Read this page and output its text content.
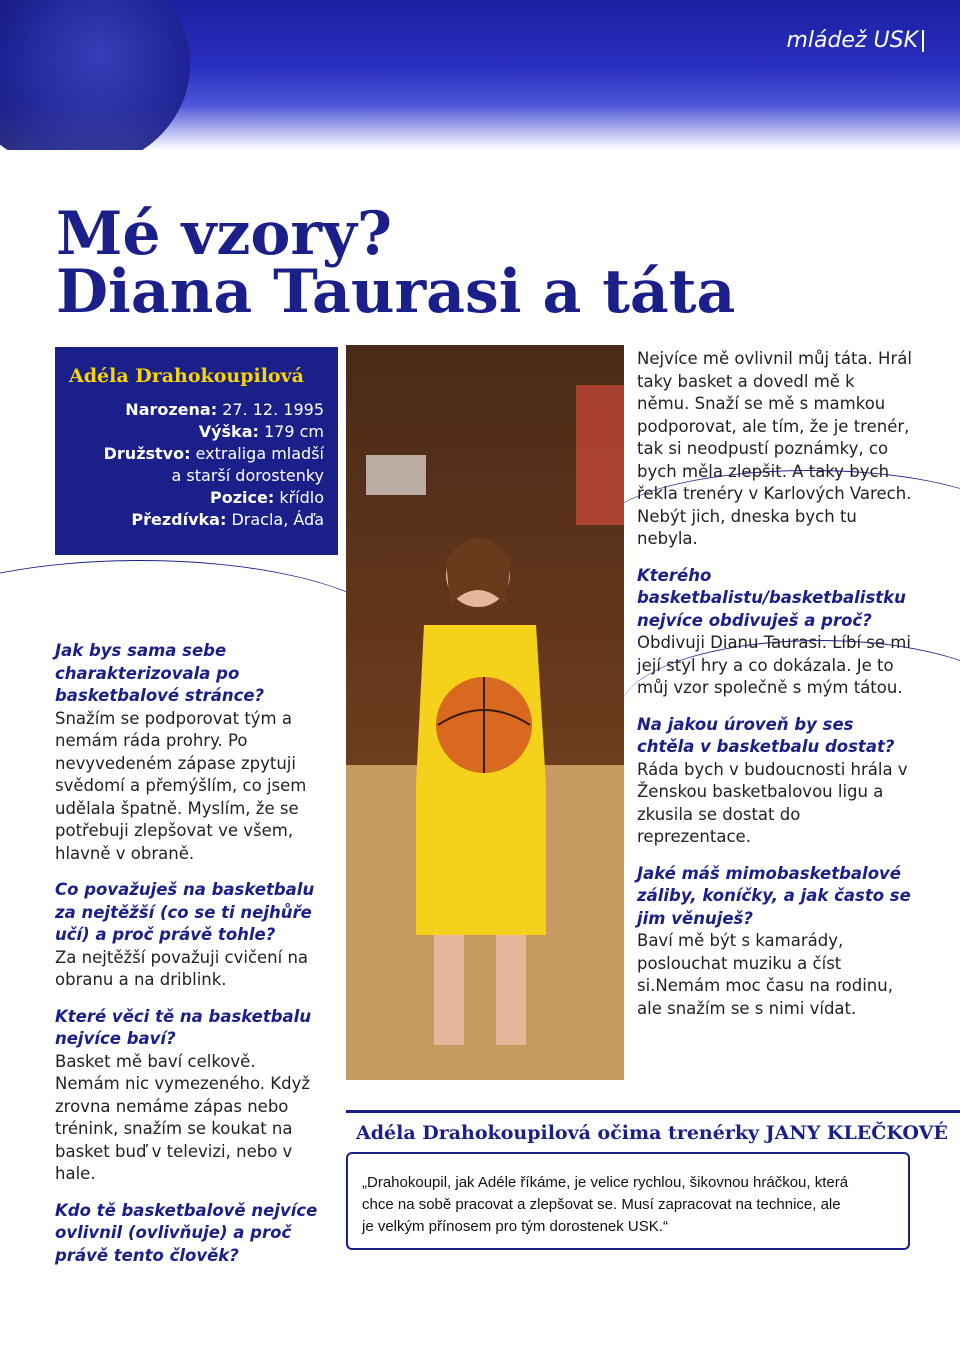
mládež USK
Mé vzory?
Diana Taurasi a táta
Adéla Drahokoupilová
Narozena: 27. 12. 1995
Výška: 179 cm
Družstvo: extraliga mladší
a starší dorostenky
Pozice: křídlo
Přezdívka: Dracla, Áďa

Jak bys sama sebe charakterizovala po basketbalové stránce?

Snažím se podporovat tým a nemám ráda prohry. Po nevyvedeném zápase zpytuji svědomí a přemýšlím, co jsem udělala špatně. Myslím, že se potřebuji zlepšovat ve všem, hlavně v obraně.

Co považuješ na basketbalu za nejtěžší (co se ti nejhůře učí) a proč právě tohle?

Za nejtěžší považuji cvičení na obranu a na driblink.

Které věci tě na basketbalu nejvíce baví?

Basket mě baví celkově. Nemám nic vymezeného. Když zrovna nemáme zápas nebo trénink, snažím se koukat na basket buď v televizi, nebo v hale.

Kdo tě basketbalově nejvíce ovlivnil (ovlivňuje) a proč právě tento člověk?

Nejvíce mě ovlivnil můj táta. Hrál taky basket a dovedl mě k němu. Snaží se mě s mamkou podporovat, ale tím, že je trenér, tak si neodpustí poznámky, co bych měla zlepšit. A taky bych řekla trenéry v Karlových Varech. Nebýt jich, dneska bych tu nebyla.

Kterého basketbalistu/basketbalistku nejvíce obdivuješ a proč?

Obdivuji Dianu Taurasi. Líbí se mi její styl hry a co dokázala. Je to můj vzor společně s mým tátou.

Na jakou úroveň by ses chtěla v basketbalu dostat?

Ráda bych v budoucnosti hrála v Ženskou basketbalovou ligu a zkusila se dostat do reprezentace.

Jaké máš mimobasketbalové záliby, koníčky, a jak často se jim věnuješ?

Baví mě být s kamarády, poslouchat muziku a číst si.Nemám moc času na rodinu, ale snažím se s nimi vídat.

Adéla Drahokoupilová očima trenérky JANY KLEČKOVÉ
„Drahokoupil, jak Adéle říkáme, je velice rychlou, šikovnou hráčkou, která chce na sobě pracovat a zlepšovat se. Musí zapracovat na technice, ale je velkým přínosem pro tým dorostenek USK.“
